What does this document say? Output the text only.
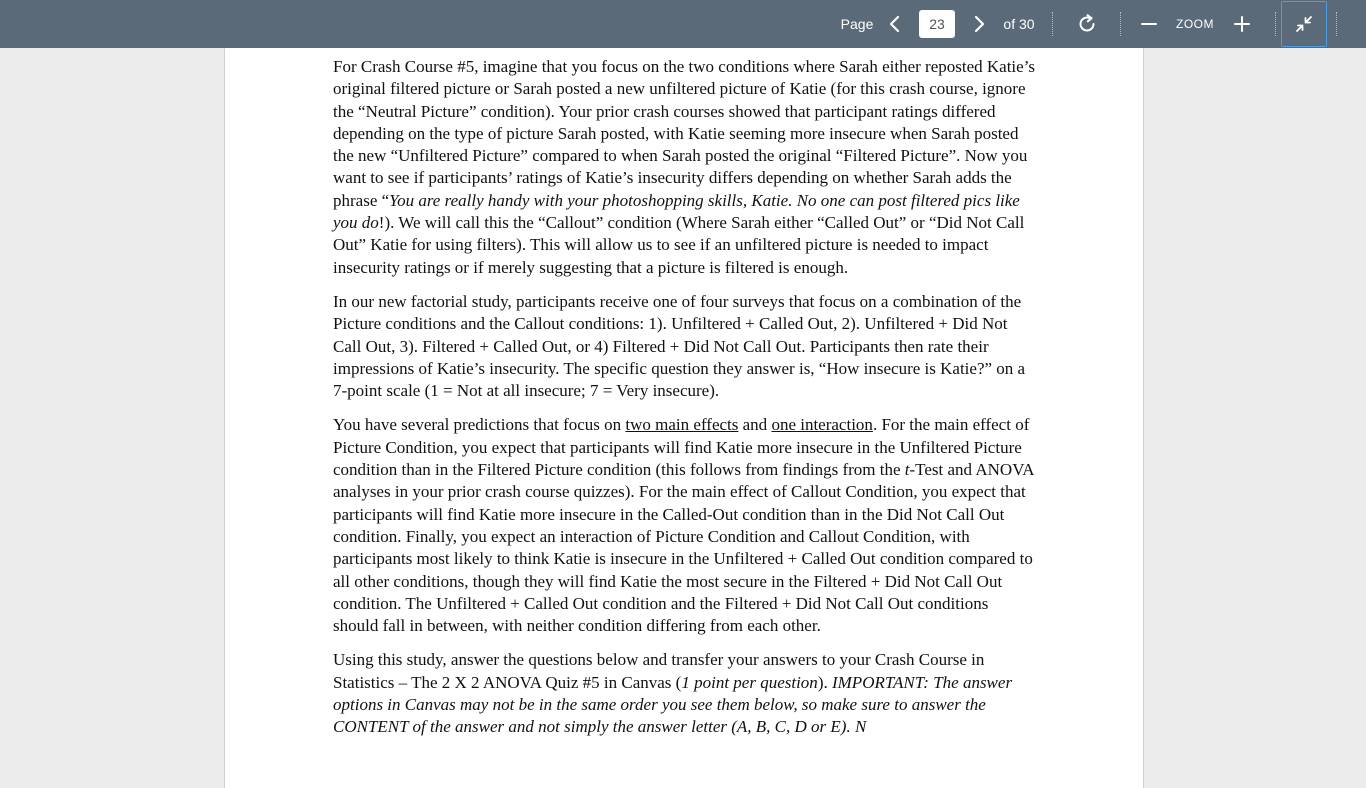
Page
23	of 30	ZOOM

For Crash Course #5, imagine that you focus on the two conditions where Sarah either reposted Katie’s original filtered picture or Sarah posted a new unfiltered picture of Katie (for this crash course, ignore the “Neutral Picture” condition). Your prior crash courses showed that participant ratings differed depending on the type of picture Sarah posted, with Katie seeming more insecure when Sarah posted the new “Unfiltered Picture” compared to when Sarah posted the original “Filtered Picture”. Now you want to see if participants’ ratings of Katie’s insecurity differs depending on whether Sarah adds the phrase “You are really handy with your photoshopping skills, Katie. No one can post filtered pics like you do!). We will call this the “Callout” condition (Where Sarah either “Called Out” or “Did Not Call Out” Katie for using filters). This will allow us to see if an unfiltered picture is needed to impact insecurity ratings or if merely suggesting that a picture is filtered is enough.

In our new factorial study, participants receive one of four surveys that focus on a combination of the Picture conditions and the Callout conditions: 1). Unfiltered + Called Out, 2). Unfiltered + Did Not Call Out, 3). Filtered + Called Out, or 4) Filtered + Did Not Call Out. Participants then rate their impressions of Katie’s insecurity. The specific question they answer is, “How insecure is Katie?” on a 7-point scale (1 = Not at all insecure; 7 = Very insecure).

You have several predictions that focus on two main effects and one interaction. For the main effect of Picture Condition, you expect that participants will find Katie more insecure in the Unfiltered Picture condition than in the Filtered Picture condition (this follows from findings from the t-Test and ANOVA analyses in your prior crash course quizzes). For the main effect of Callout Condition, you expect that participants will find Katie more insecure in the Called-Out condition than in the Did Not Call Out condition. Finally, you expect an interaction of Picture Condition and Callout Condition, with participants most likely to think Katie is insecure in the Unfiltered + Called Out condition compared to all other conditions, though they will find Katie the most secure in the Filtered + Did Not Call Out condition. The Unfiltered + Called Out condition and the Filtered + Did Not Call Out conditions should fall in between, with neither condition differing from each other.

Using this study, answer the questions below and transfer your answers to your Crash Course in Statistics – The 2 X 2 ANOVA Quiz #5 in Canvas (1 point per question). IMPORTANT: The answer options in Canvas may not be in the same order you see them below, so make sure to answer the CONTENT of the answer and not simply the answer letter (A, B, C, D or E). N
